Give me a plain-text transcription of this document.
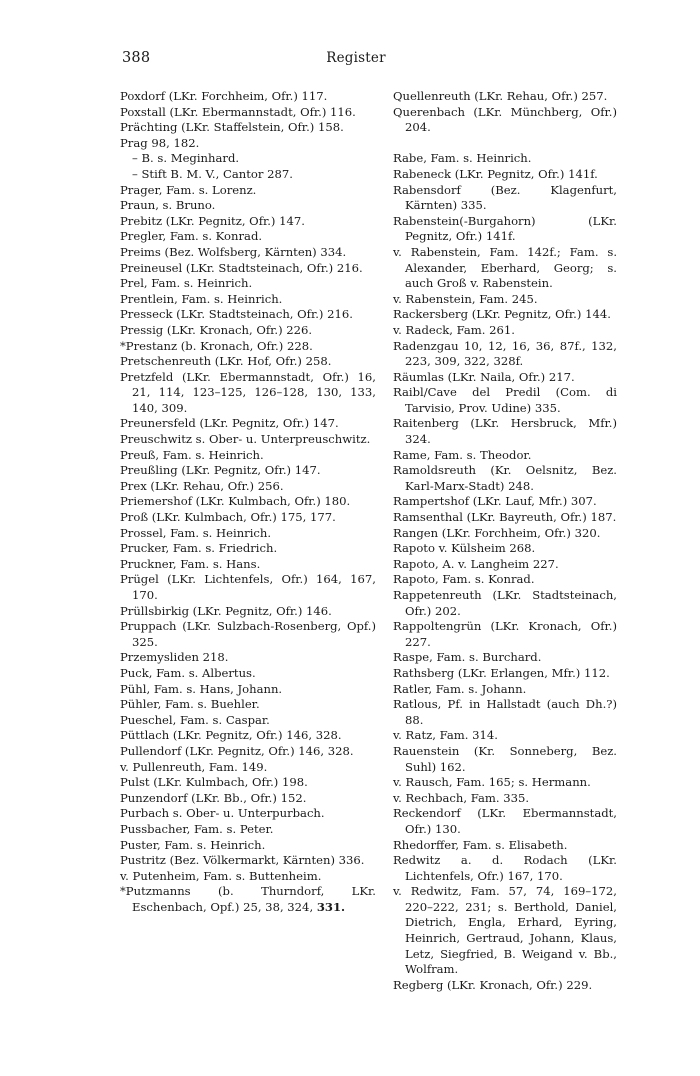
388	Register

Poxdorf (LKr. Forchheim, Ofr.) 117.

Poxstall (LKr. Ebermannstadt, Ofr.) 116.

Prächting (LKr. Staffelstein, Ofr.) 158.

Prag 98, 182.

– B. s. Meginhard.

– Stift B. M. V., Cantor 287.

Prager, Fam. s. Lorenz.

Praun, s. Bruno.

Prebitz (LKr. Pegnitz, Ofr.) 147.

Pregler, Fam. s. Konrad.

Preims (Bez. Wolfsberg, Kärnten) 334.

Preineusel (LKr. Stadtsteinach, Ofr.) 216.

Prel, Fam. s. Heinrich.

Prentlein, Fam. s. Heinrich.

Presseck (LKr. Stadtsteinach, Ofr.) 216.

Pressig (LKr. Kronach, Ofr.) 226.

*Prestanz (b. Kronach, Ofr.) 228.

Pretschenreuth (LKr. Hof, Ofr.) 258.

Pretzfeld (LKr. Ebermannstadt, Ofr.) 16, 21, 114, 123–125, 126–128, 130, 133, 140, 309.

Preunersfeld (LKr. Pegnitz, Ofr.) 147.

Preuschwitz s. Ober- u. Unterpreuschwitz.

Preuß, Fam. s. Heinrich.

Preußling (LKr. Pegnitz, Ofr.) 147.

Prex (LKr. Rehau, Ofr.) 256.

Priemershof (LKr. Kulmbach, Ofr.) 180.

Proß (LKr. Kulmbach, Ofr.) 175, 177.

Prossel, Fam. s. Heinrich.

Prucker, Fam. s. Friedrich.

Pruckner, Fam. s. Hans.

Prügel (LKr. Lichtenfels, Ofr.) 164, 167, 170.

Prüllsbirkig (LKr. Pegnitz, Ofr.) 146.

Pruppach (LKr. Sulzbach-Rosenberg, Opf.) 325.

Przemysliden 218.

Puck, Fam. s. Albertus.

Pühl, Fam. s. Hans, Johann.

Pühler, Fam. s. Buehler.

Pueschel, Fam. s. Caspar.

Püttlach (LKr. Pegnitz, Ofr.) 146, 328.

Pullendorf (LKr. Pegnitz, Ofr.) 146, 328.

v. Pullenreuth, Fam. 149.

Pulst (LKr. Kulmbach, Ofr.) 198.

Punzendorf (LKr. Bb., Ofr.) 152.

Purbach s. Ober- u. Unterpurbach.

Pussbacher, Fam. s. Peter.

Puster, Fam. s. Heinrich.

Pustritz (Bez. Völkermarkt, Kärnten) 336.

v. Putenheim, Fam. s. Buttenheim.

*Putzmanns (b. Thurndorf, LKr. Eschenbach, Opf.) 25, 38, 324, 331.

Quellenreuth (LKr. Rehau, Ofr.) 257.

Querenbach (LKr. Münchberg, Ofr.) 204.

Rabe, Fam. s. Heinrich.

Rabeneck (LKr. Pegnitz, Ofr.) 141f.

Rabensdorf (Bez. Klagenfurt, Kärnten) 335.

Rabenstein(-Burgahorn) (LKr. Pegnitz, Ofr.) 141f.

v. Rabenstein, Fam. 142f.; Fam. s. Alexander, Eberhard, Georg; s. auch Groß v. Rabenstein.

v. Rabenstein, Fam. 245.

Rackersberg (LKr. Pegnitz, Ofr.) 144.

v. Radeck, Fam. 261.

Radenzgau 10, 12, 16, 36, 87f., 132, 223, 309, 322, 328f.

Räumlas (LKr. Naila, Ofr.) 217.

Raibl/Cave del Predil (Com. di Tarvisio, Prov. Udine) 335.

Raitenberg (LKr. Hersbruck, Mfr.) 324.

Rame, Fam. s. Theodor.

Ramoldsreuth (Kr. Oelsnitz, Bez. Karl-Marx-Stadt) 248.

Rampertshof (LKr. Lauf, Mfr.) 307.

Ramsenthal (LKr. Bayreuth, Ofr.) 187.

Rangen (LKr. Forchheim, Ofr.) 320.

Rapoto v. Külsheim 268.

Rapoto, A. v. Langheim 227.

Rapoto, Fam. s. Konrad.

Rappetenreuth (LKr. Stadtsteinach, Ofr.) 202.

Rappoltengrün (LKr. Kronach, Ofr.) 227.

Raspe, Fam. s. Burchard.

Rathsberg (LKr. Erlangen, Mfr.) 112.

Ratler, Fam. s. Johann.

Ratlous, Pf. in Hallstadt (auch Dh.?) 88.

v. Ratz, Fam. 314.

Rauenstein (Kr. Sonneberg, Bez. Suhl) 162.

v. Rausch, Fam. 165; s. Hermann.

v. Rechbach, Fam. 335.

Reckendorf (LKr. Ebermannstadt, Ofr.) 130.

Rhedorffer, Fam. s. Elisabeth.

Redwitz a. d. Rodach (LKr. Lichtenfels, Ofr.) 167, 170.

v. Redwitz, Fam. 57, 74, 169–172, 220–222, 231; s. Berthold, Daniel, Dietrich, Engla, Erhard, Eyring, Heinrich, Gertraud, Johann, Klaus, Letz, Siegfried, B. Weigand v. Bb., Wolfram.

Regberg (LKr. Kronach, Ofr.) 229.
